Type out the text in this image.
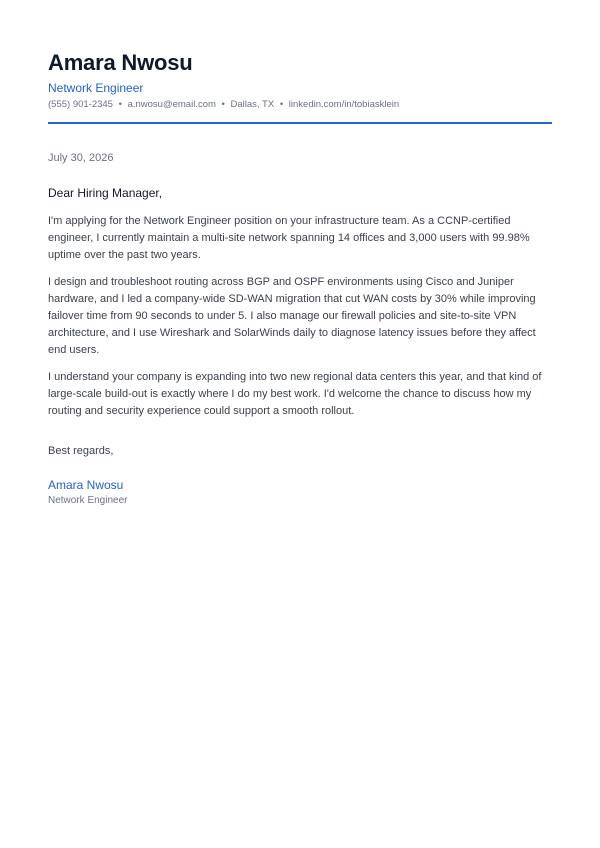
Amara Nwosu
Network Engineer
(555) 901-2345 • a.nwosu@email.com • Dallas, TX • linkedin.com/in/tobiasklein
July 30, 2026
Dear Hiring Manager,

I'm applying for the Network Engineer position on your infrastructure team. As a CCNP-certified engineer, I currently maintain a multi-site network spanning 14 offices and 3,000 users with 99.98% uptime over the past two years.

I design and troubleshoot routing across BGP and OSPF environments using Cisco and Juniper hardware, and I led a company-wide SD-WAN migration that cut WAN costs by 30% while improving failover time from 90 seconds to under 5. I also manage our firewall policies and site-to-site VPN architecture, and I use Wireshark and SolarWinds daily to diagnose latency issues before they affect end users.

I understand your company is expanding into two new regional data centers this year, and that kind of large-scale build-out is exactly where I do my best work. I'd welcome the chance to discuss how my routing and security experience could support a smooth rollout.

Best regards,
Amara Nwosu
Network Engineer
